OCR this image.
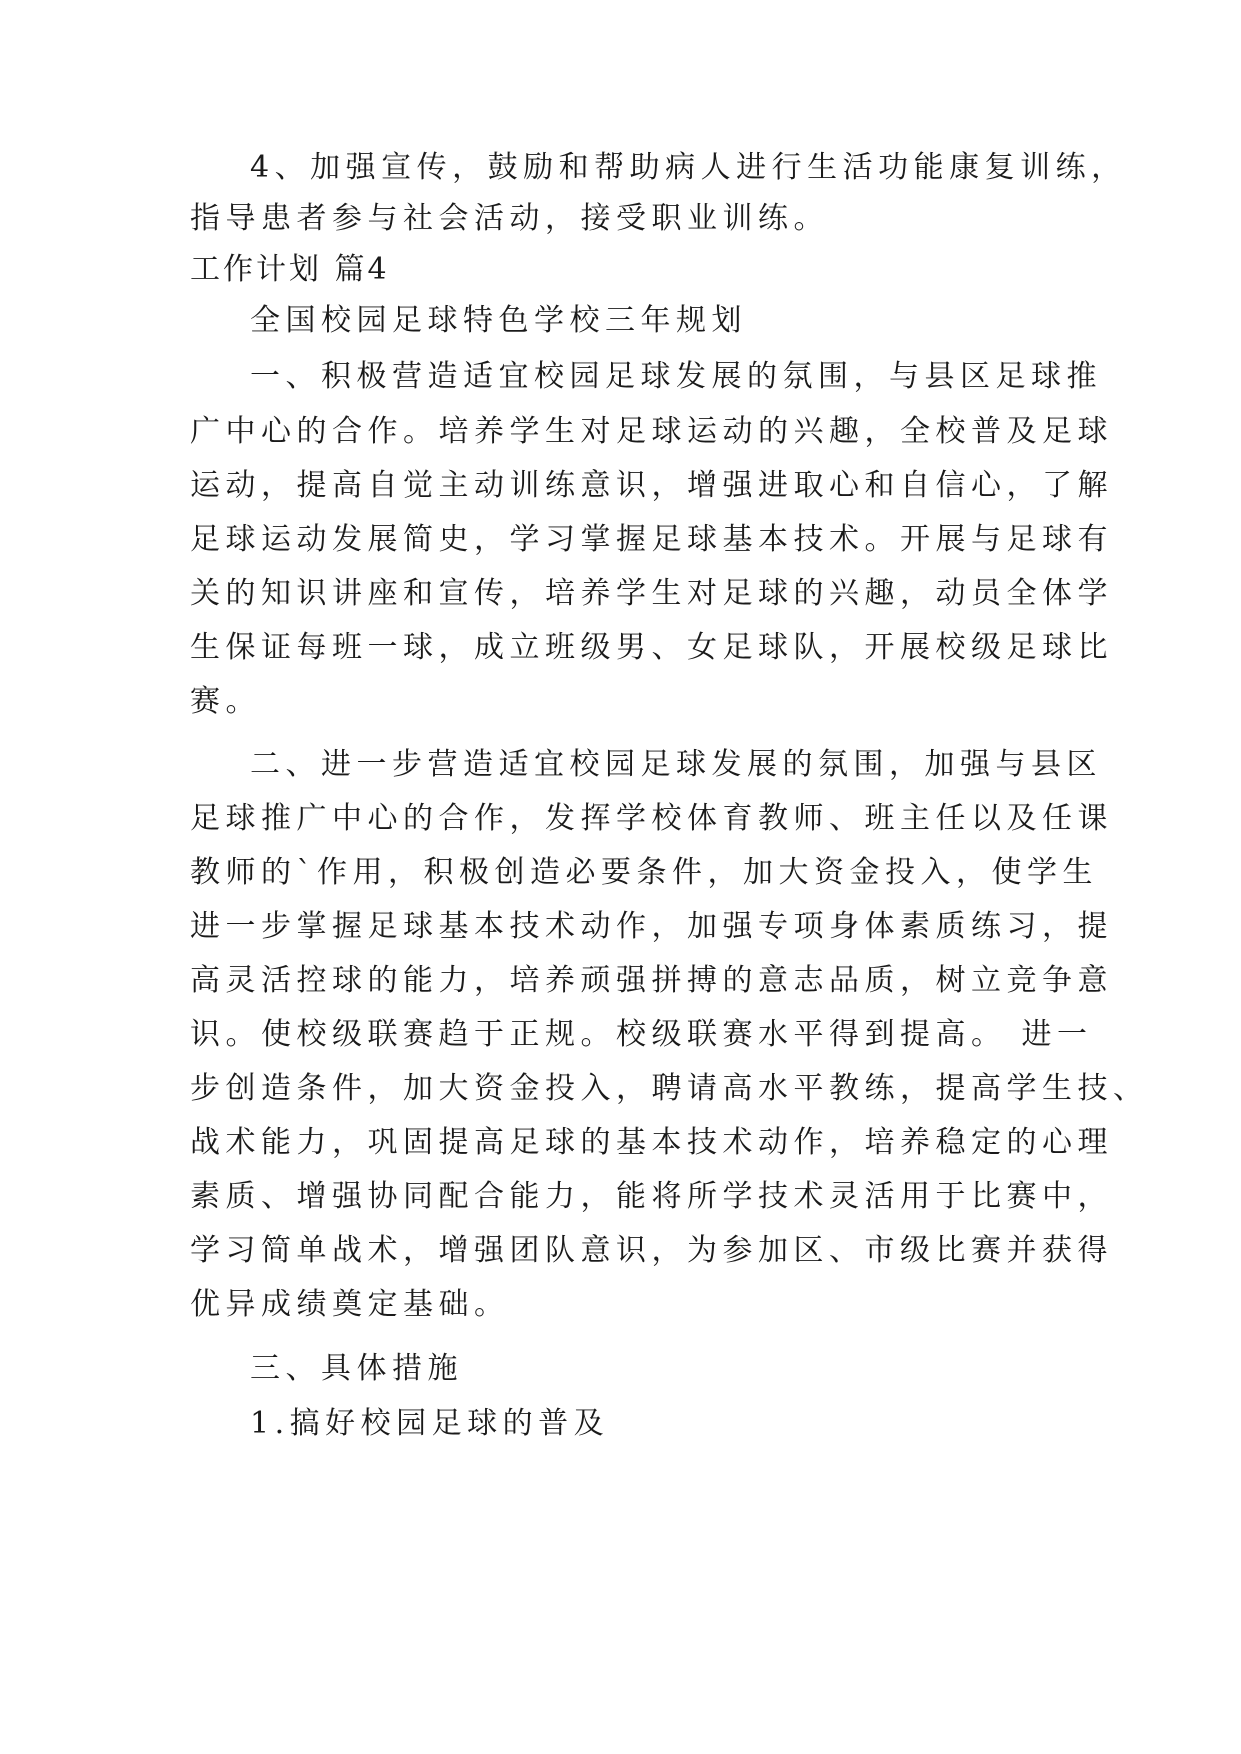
4、加强宣传，鼓励和帮助病人进行生活功能康复训练，
指导患者参与社会活动，接受职业训练。
工作计划 篇4
全国校园足球特色学校三年规划
一、积极营造适宜校园足球发展的氛围，与县区足球推
广中心的合作。培养学生对足球运动的兴趣，全校普及足球
运动，提高自觉主动训练意识，增强进取心和自信心，了解
足球运动发展简史，学习掌握足球基本技术。开展与足球有
关的知识讲座和宣传，培养学生对足球的兴趣，动员全体学
生保证每班一球，成立班级男、女足球队，开展校级足球比
赛。
二、进一步营造适宜校园足球发展的氛围，加强与县区
足球推广中心的合作，发挥学校体育教师、班主任以及任课
教师的`作用，积极创造必要条件，加大资金投入，使学生
进一步掌握足球基本技术动作，加强专项身体素质练习，提
高灵活控球的能力，培养顽强拼搏的意志品质，树立竞争意
识。使校级联赛趋于正规。校级联赛水平得到提高。 进一
步创造条件，加大资金投入，聘请高水平教练，提高学生技、
战术能力，巩固提高足球的基本技术动作，培养稳定的心理
素质、增强协同配合能力，能将所学技术灵活用于比赛中，
学习简单战术，增强团队意识，为参加区、市级比赛并获得
优异成绩奠定基础。
三、具体措施
1.搞好校园足球的普及
